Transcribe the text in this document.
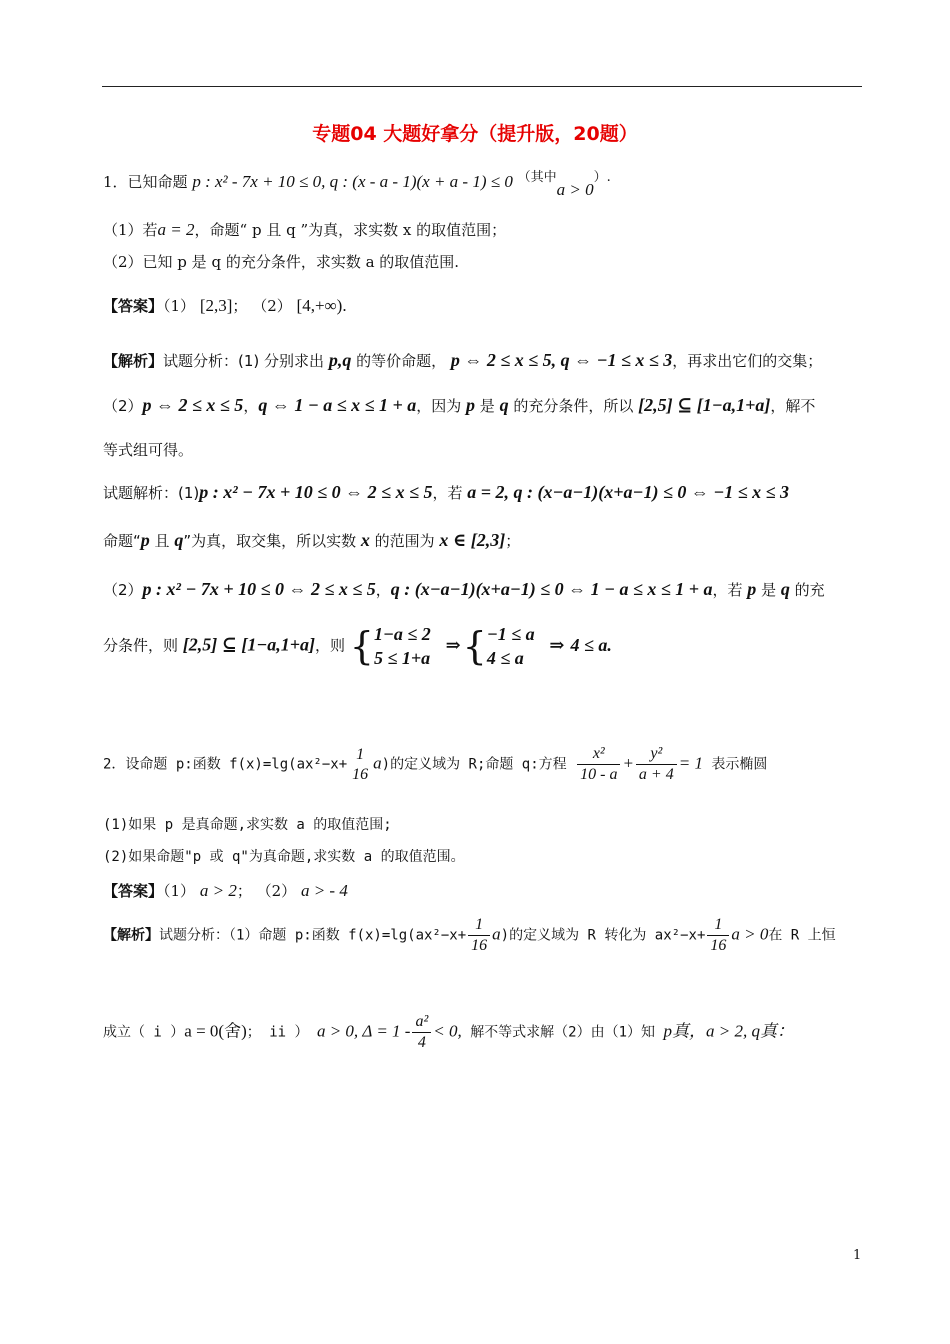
专题04 大题好拿分（提升版，20题）
1．已知命题 p : x² - 7x + 10 ≤ 0, q : (x - a - 1)(x + a - 1) ≤ 0 （其中a > 0）.
（1）若a = 2，命题“ p 且 q ”为真，求实数 x 的取值范围；
（2）已知 p 是 q 的充分条件，求实数 a 的取值范围.
【答案】（1） [2,3]； （2） [4,+∞).
【解析】试题分析：(1) 分别求出 p,q 的等价命题， p ⇔ 2 ≤ x ≤ 5, q ⇔ −1 ≤ x ≤ 3，再求出它们的交集；
（2）p ⇔ 2 ≤ x ≤ 5，q ⇔ 1 − a ≤ x ≤ 1 + a，因为 p 是 q 的充分条件，所以 [2,5] ⊆ [1−a,1+a]，解不
等式组可得。
试题解析：(1)p : x² − 7x + 10 ≤ 0 ⇔ 2 ≤ x ≤ 5，若 a = 2, q : (x−a−1)(x+a−1) ≤ 0 ⇔ −1 ≤ x ≤ 3
命题“p 且 q”为真，取交集，所以实数 x 的范围为 x ∈ [2,3]；
（2）p : x² − 7x + 10 ≤ 0 ⇔ 2 ≤ x ≤ 5，q : (x−a−1)(x+a−1) ≤ 0 ⇔ 1 − a ≤ x ≤ 1 + a，若 p 是 q 的充
分条件，则 [2,5] ⊆ [1−a,1+a]，则 { 1−a ≤ 2
5 ≤ 1+a
⇒{ −1 ≤ a
4 ≤ a
⇒ 4 ≤ a.
2．设命题 p:函数 f(x)=lg(ax²−x+
1
16
a)的定义域为 R;命题 q:方程 $\frac{\text{x²}}{10 - a} + \frac{\text{y²}}{a + 4} = 1$ 表示椭圆
(1)如果 p 是真命题,求实数 a 的取值范围;
(2)如果命题"p 或 q"为真命题,求实数 a 的取值范围。
【答案】（1） a > 2； （2） a > - 4
【解析】试题分析：（1）命题 p:函数 $f(x)=\lg(ax^2-x+ \frac{1}{16} a)$的定义域为 R 转化为 $ax^2-x+ \frac{1}{16}$ a > 0在 R 上恒
成立（ i ）a = 0(舍)； ii ） a > 0, $\Delta = 1 - \frac{\text{a²}}{4} < 0$, 解不等式求解（2）由（1）知 p真，a > 2, q真：
1
